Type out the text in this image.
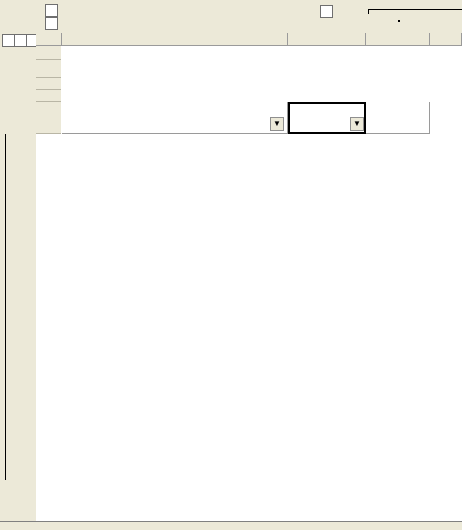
▼	▼
